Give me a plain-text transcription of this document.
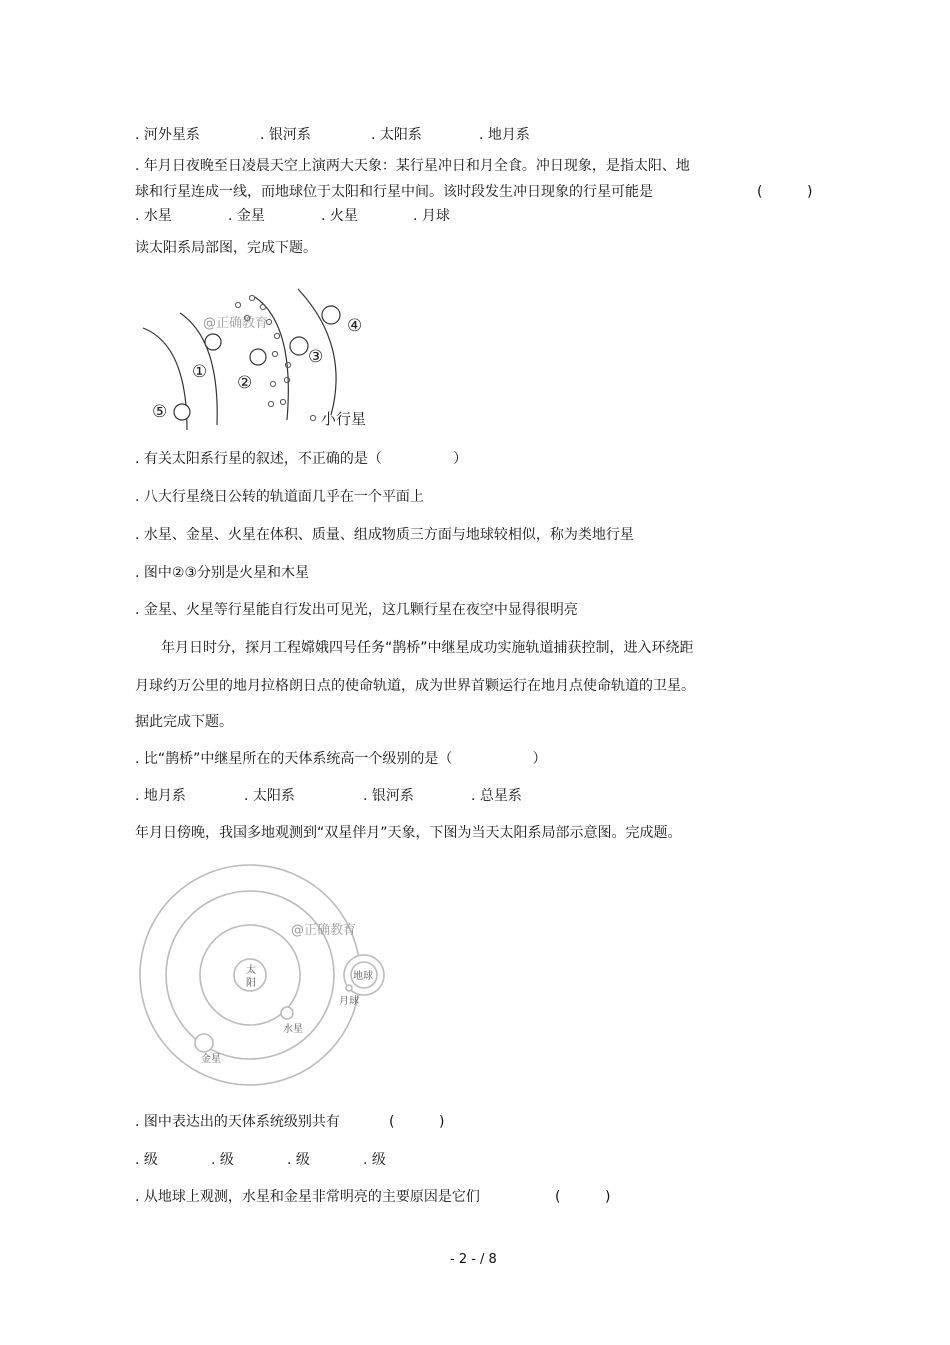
. 河外星系	. 银河系	. 太阳系	. 地月系
. 年月日夜晚至日凌晨天空上演两大天象：某行星冲日和月全食。冲日现象，是指太阳、地
球和行星连成一线，而地球位于太阳和行星中间。该时段发生冲日现象的行星可能是	(          )
. 水星	. 金星	. 火星	. 月球
读太阳系局部图，完成下题。
@正确教育
①
②
③
④
⑤	小行星
. 有关太阳系行星的叙述，不正确的是（                ）
. 八大行星绕日公转的轨道面几乎在一个平面上
. 水星、金星、火星在体积、质量、组成物质三方面与地球较相似，称为类地行星
. 图中②③分别是火星和木星
. 金星、火星等行星能自行发出可见光，这几颗行星在夜空中显得很明亮
年月日时分，探月工程嫦娥四号任务“鹊桥”中继星成功实施轨道捕获控制，进入环绕距
月球约万公里的地月拉格朗日点的使命轨道，成为世界首颗运行在地月点使命轨道的卫星。
据此完成下题。
. 比“鹊桥”中继星所在的天体系统高一个级别的是（                  ）
. 地月系	. 太阳系	. 银河系	. 总星系
年月日傍晚，我国多地观测到“双星伴月”天象，下图为当天太阳系局部示意图。完成题。
@正确教育
太
阳
地球
月球
水星
金星
. 图中表达出的天体系统级别共有	(          )
. 级	. 级	. 级	. 级
. 从地球上观测，水星和金星非常明亮的主要原因是它们	(          )
- 2 - / 8
